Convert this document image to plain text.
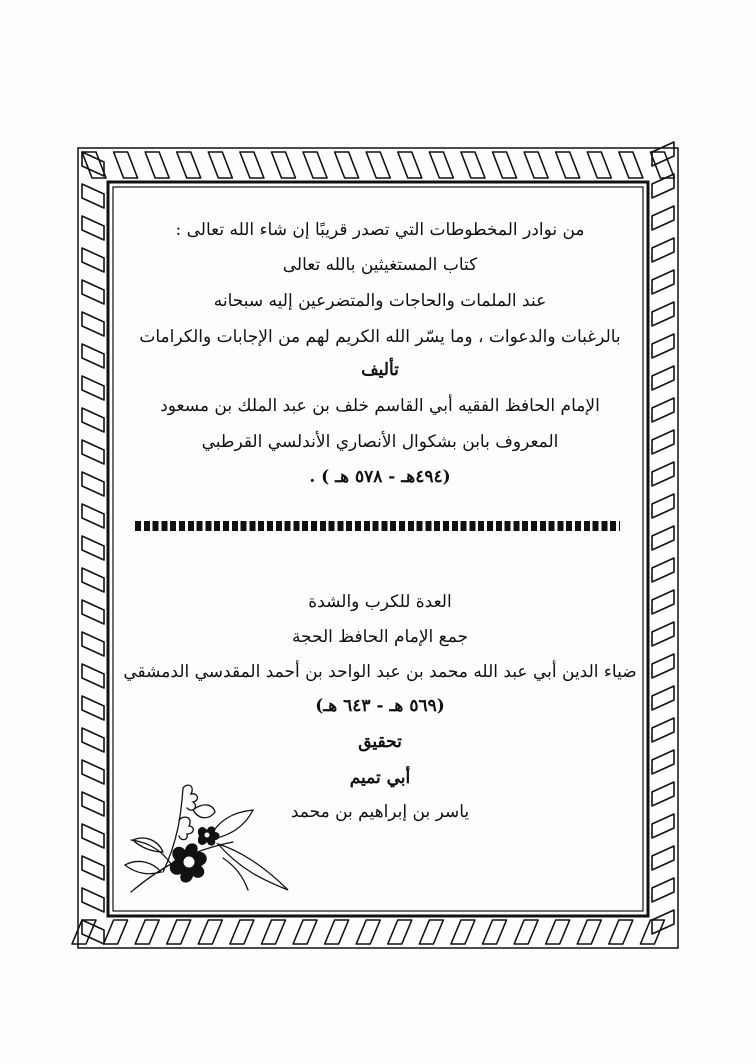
من نوادر المخطوطات التي تصدر قريبًا إن شاء الله تعالى :
كتاب المستغيثين بالله تعالى
عند الملمات والحاجات والمتضرعين إليه سبحانه
بالرغبات والدعوات ، وما يسّر الله الكريم لهم من الإجابات والكرامات
تأليف
الإمام الحافظ الفقيه أبي القاسم خلف بن عبد الملك بن مسعود
المعروف بابن بشكوال الأنصاري الأندلسي القرطبي
(٤٩٤هـ - ٥٧٨ هـ ) .
العدة للكرب والشدة
جمع الإمام الحافظ الحجة
ضياء الدين أبي عبد الله محمد بن عبد الواحد بن أحمد المقدسي الدمشقي
(٥٦٩ هـ - ٦٤٣ هـ)
تحقيق
أبي تميم
ياسر بن إبراهيم بن محمد
